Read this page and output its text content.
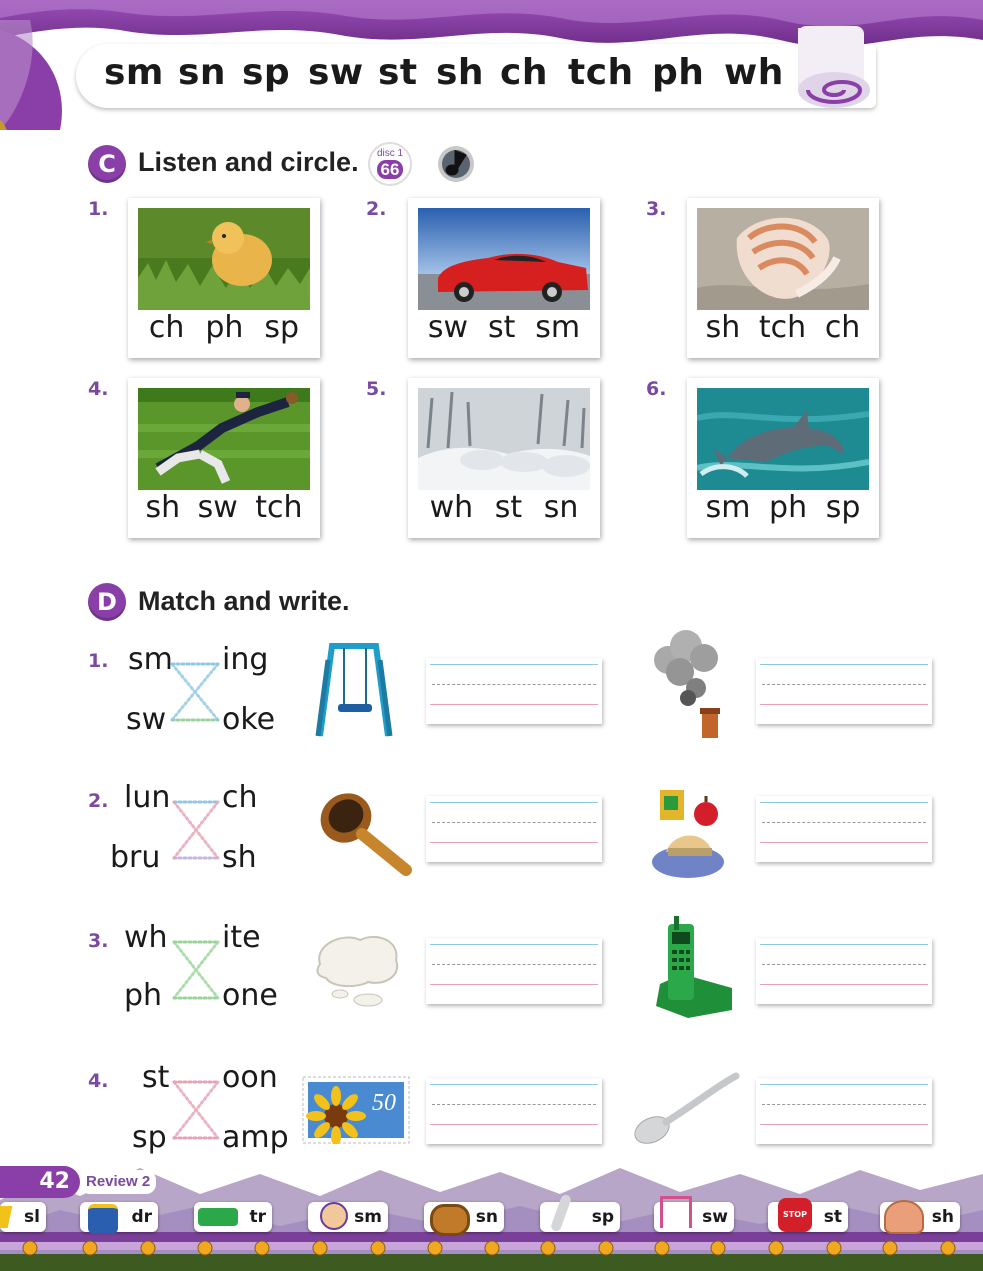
sm sn sp sw st sh ch tch ph wh
C Listen and circle.	disc 1
66
1.
ch ph sp
2.
sw st sm
3.
sh tch ch
4.
sh sw tch
5.
wh st sn
6.
sm ph sp
D Match and write.
1. sm
sw
ing
oke
2. lun
bru
ch
sh
3. wh
ph
ite
one
4. st
sp
oon
amp
50
42	Review 2
sl	dr	tr	sm	sn	sp	sw	STOP st	sh
